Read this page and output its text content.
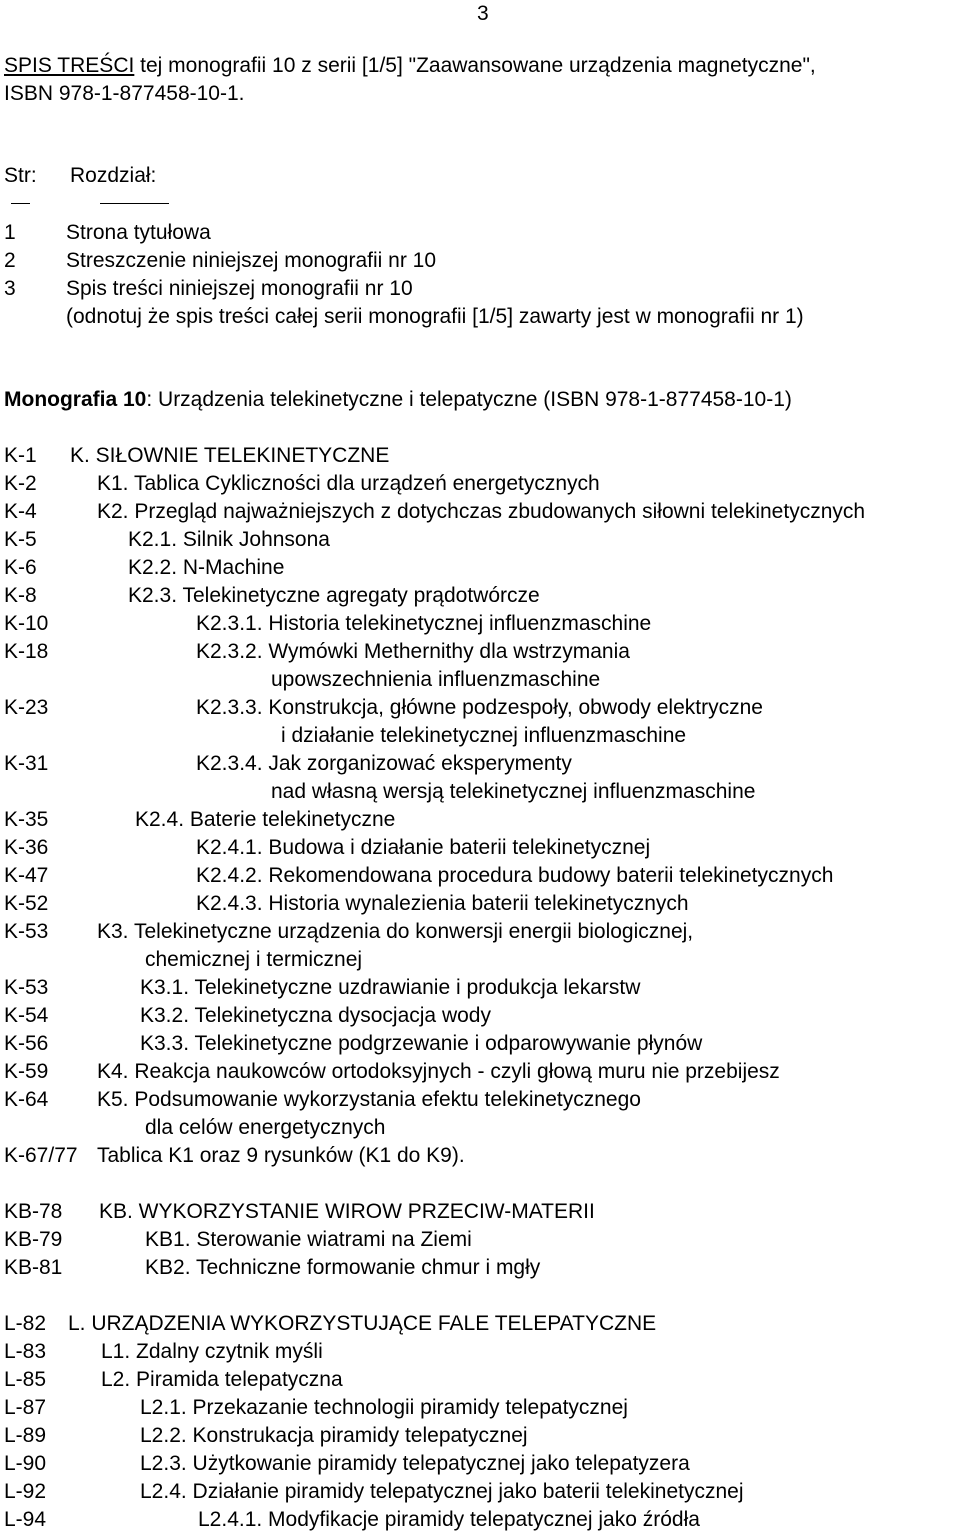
3
SPIS TREŚCI tej monografii 10 z serii [1/5] "Zaawansowane urządzenia magnetyczne",
ISBN 978-1-877458-10-1.
Str: Rozdział:
1 Strona tytułowa
2 Streszczenie niniejszej monografii nr 10
3 Spis treści niniejszej monografii nr 10
(odnotuj że spis treści całej serii monografii [1/5] zawarty jest w monografii nr 1)
Monografia 10: Urządzenia telekinetyczne i telepatyczne (ISBN 978-1-877458-10-1)
K-1 K. SIŁOWNIE TELEKINETYCZNE
K-2	K1. Tablica Cykliczności dla urządzeń energetycznych
K-4	K2. Przegląd najważniejszych z dotychczas zbudowanych siłowni telekinetycznych
K-5	K2.1. Silnik Johnsona
K-6	K2.2. N-Machine
K-8	K2.3. Telekinetyczne agregaty prądotwórcze
K-10	K2.3.1. Historia telekinetycznej influenzmaschine
K-18	K2.3.2. Wymówki Methernithy dla wstrzymania
upowszechnienia influenzmaschine
K-23	K2.3.3. Konstrukcja, główne podzespoły, obwody elektryczne
i działanie telekinetycznej influenzmaschine
K-31	K2.3.4. Jak zorganizować eksperymenty
nad własną wersją telekinetycznej influenzmaschine
K-35	K2.4. Baterie telekinetyczne
K-36	K2.4.1. Budowa i działanie baterii telekinetycznej
K-47	K2.4.2. Rekomendowana procedura budowy baterii telekinetycznych
K-52	K2.4.3. Historia wynalezienia baterii telekinetycznych
K-53 K3. Telekinetyczne urządzenia do konwersji energii biologicznej,
chemicznej i termicznej
K-53	K3.1. Telekinetyczne uzdrawianie i produkcja lekarstw
K-54	K3.2. Telekinetyczna dysocjacja wody
K-56	K3.3. Telekinetyczne podgrzewanie i odparowywanie płynów
K-59 K4. Reakcja naukowców ortodoksyjnych - czyli głową muru nie przebijesz
K-64 K5. Podsumowanie wykorzystania efektu telekinetycznego
dla celów energetycznych
K-67/77 Tablica K1 oraz 9 rysunków (K1 do K9).
KB-78 KB. WYKORZYSTANIE WIROW PRZECIW-MATERII
KB-79	KB1. Sterowanie wiatrami na Ziemi
KB-81	KB2. Techniczne formowanie chmur i mgły
L-82 L. URZĄDZENIA WYKORZYSTUJĄCE FALE TELEPATYCZNE
L-83	L1. Zdalny czytnik myśli
L-85	L2. Piramida telepatyczna
L-87	L2.1. Przekazanie technologii piramidy telepatycznej
L-89	L2.2. Konstrukacja piramidy telepatycznej
L-90	L2.3. Użytkowanie piramidy telepatycznej jako telepatyzera
L-92	L2.4. Działanie piramidy telepatycznej jako baterii telekinetycznej
L-94	L2.4.1. Modyfikacje piramidy telepatycznej jako źródła
